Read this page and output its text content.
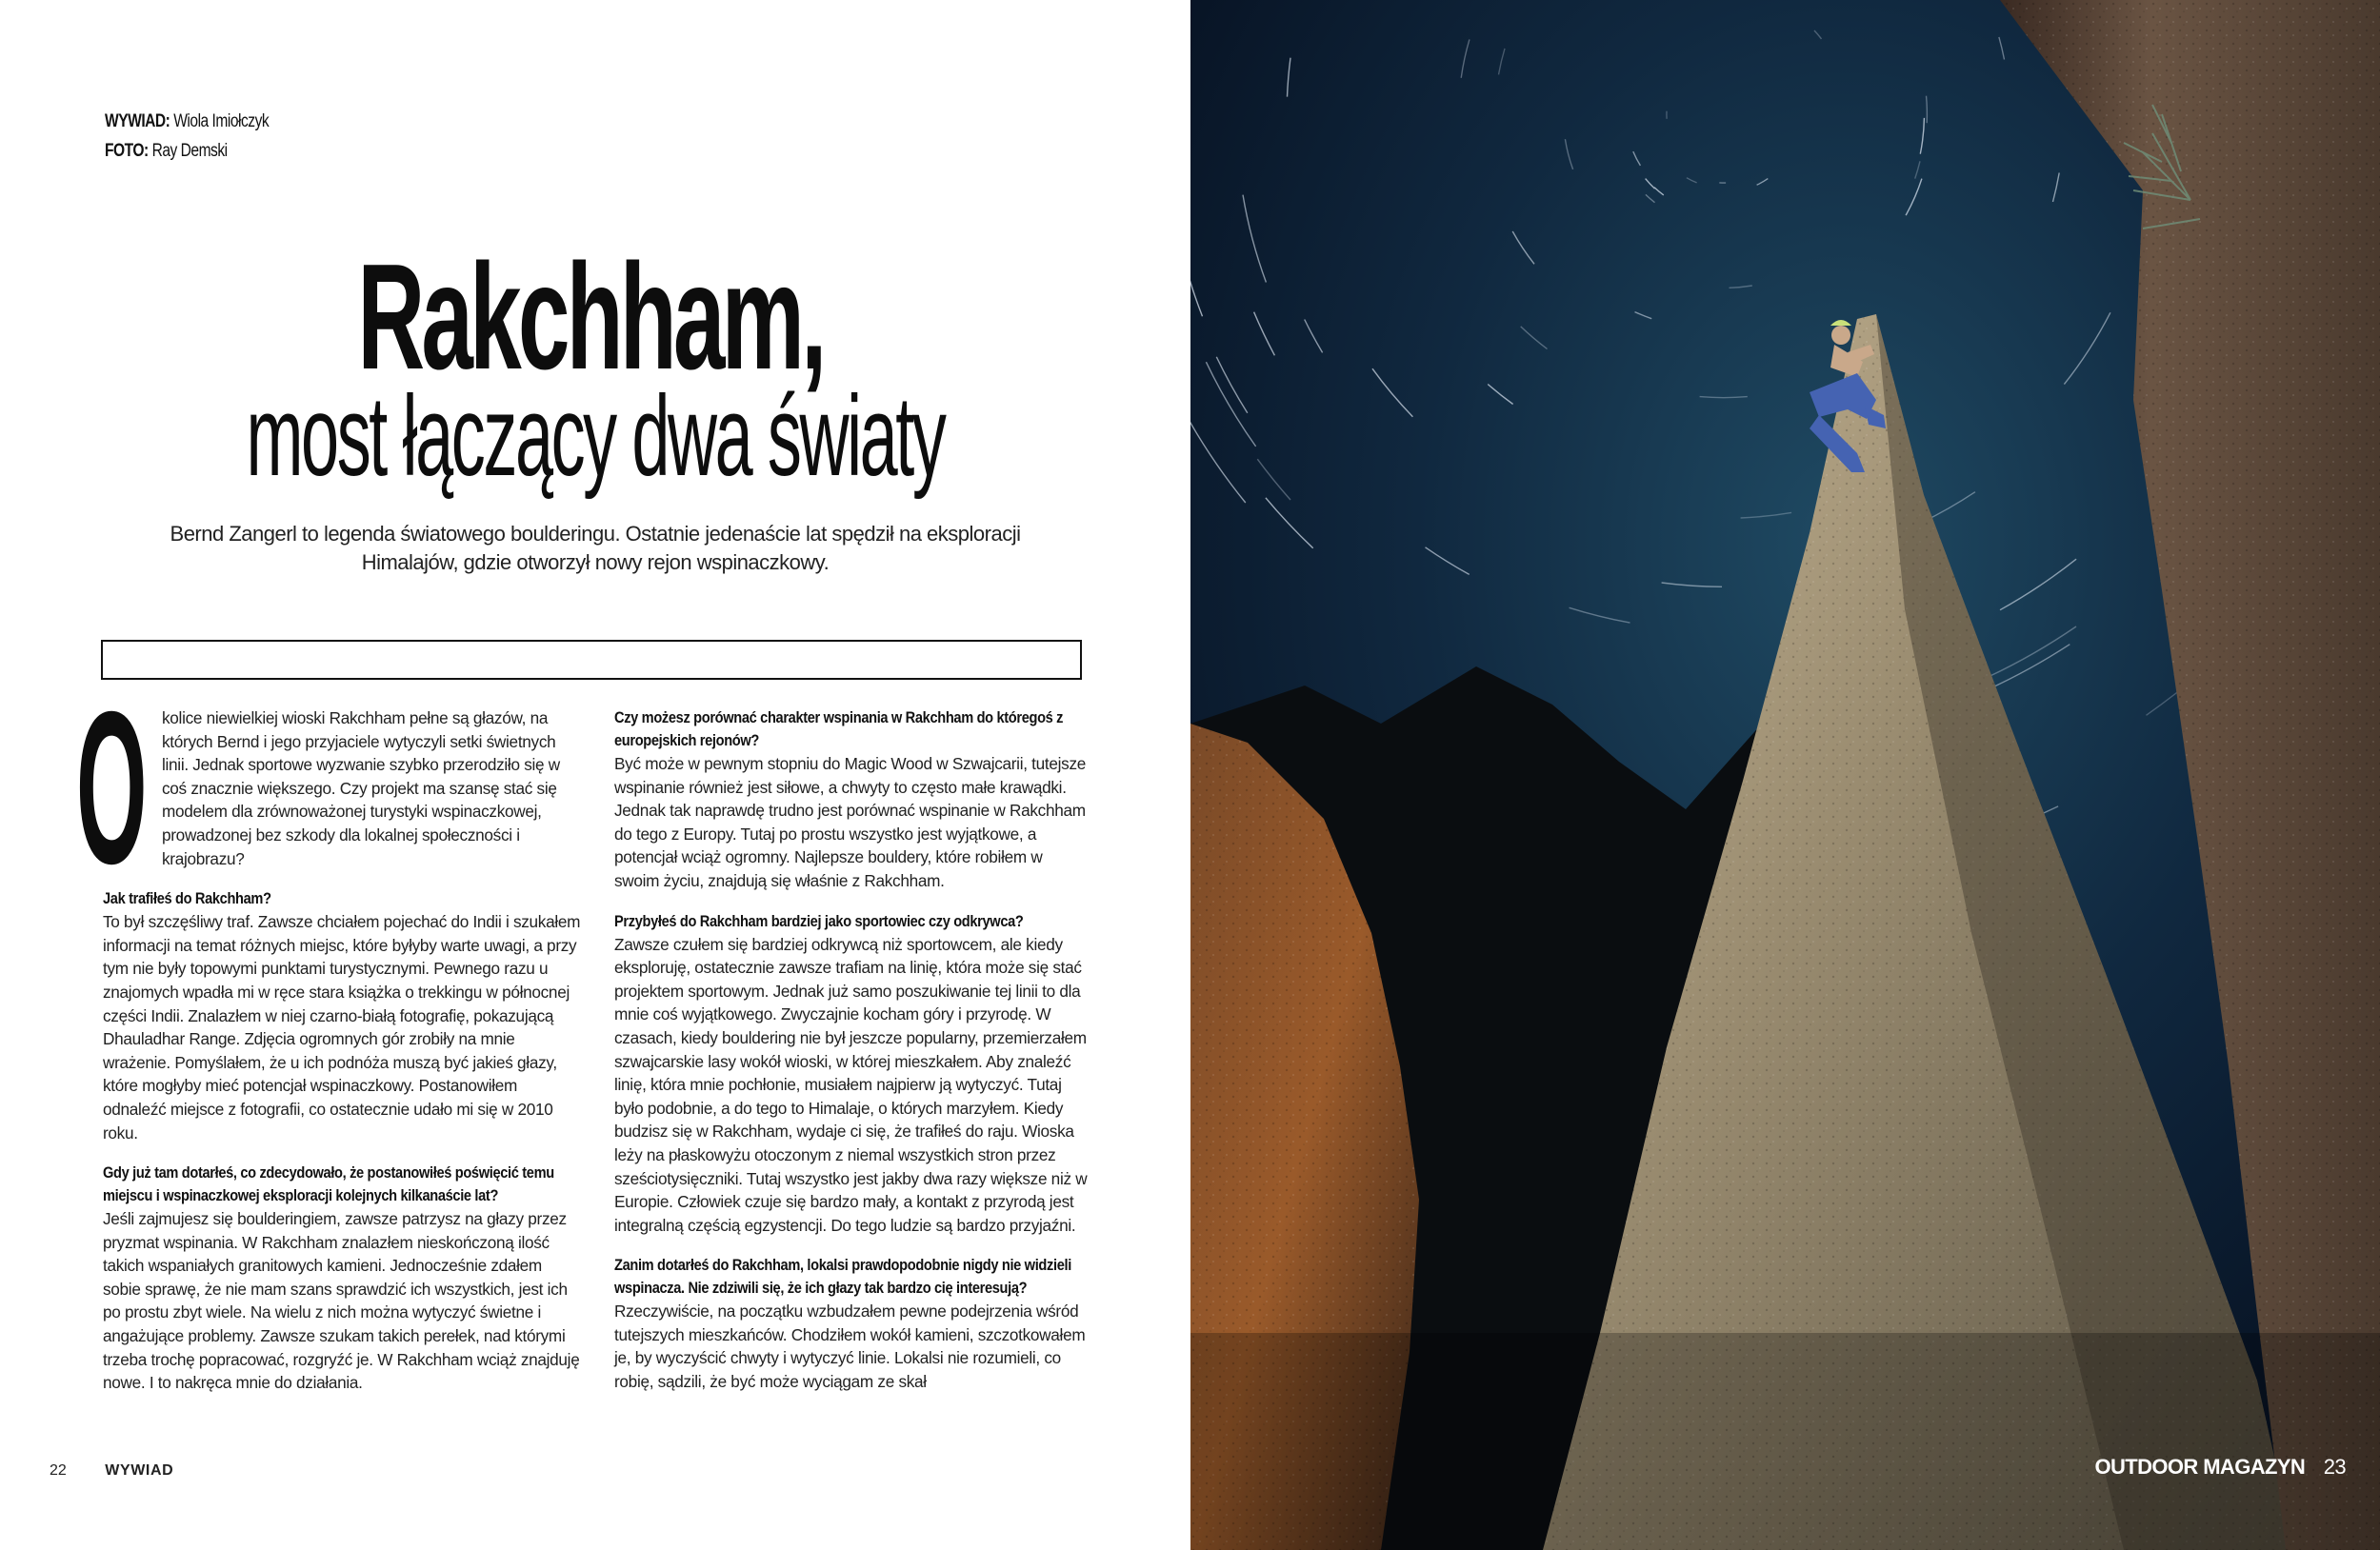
WYWIAD: Wiola Imiołczyk
FOTO: Ray Demski
Rakchham,
most łączący dwa światy
Bernd Zangerl to legenda światowego boulderingu. Ostatnie jedenaście lat spędził na eksploracji Himalajów, gdzie otworzył nowy rejon wspinaczkowy.
O kolice niewielkiej wioski Rakchham pełne są głazów, na których Bernd i jego przyjaciele wytyczyli setki świetnych linii. Jednak sportowe wyzwanie szybko przerodziło się w coś znacznie większego. Czy projekt ma szansę stać się modelem dla zrównoważonej turystyki wspinaczkowej, prowadzonej bez szkody dla lokalnej społeczności i krajobrazu?

Jak trafiłeś do Rakchham?

To był szczęśliwy traf. Zawsze chciałem pojechać do Indii i szukałem informacji na temat różnych miejsc, które byłyby warte uwagi, a przy tym nie były topowymi punktami turystycznymi. Pewnego razu u znajomych wpadła mi w ręce stara książka o trekkingu w północnej części Indii. Znalazłem w niej czarno-białą fotografię, pokazującą Dhauladhar Range. Zdjęcia ogromnych gór zrobiły na mnie wrażenie. Pomyślałem, że u ich podnóża muszą być jakieś głazy, które mogłyby mieć potencjał wspinaczkowy. Postanowiłem odnaleźć miejsce z fotografii, co ostatecznie udało mi się w 2010 roku.

Gdy już tam dotarłeś, co zdecydowało, że postanowiłeś poświęcić temu miejscu i wspinaczkowej eksploracji kolejnych kilkanaście lat?

Jeśli zajmujesz się boulderingiem, zawsze patrzysz na głazy przez pryzmat wspinania. W Rakchham znalazłem nieskończoną ilość takich wspaniałych granitowych kamieni. Jednocześnie zdałem sobie sprawę, że nie mam szans sprawdzić ich wszystkich, jest ich po prostu zbyt wiele. Na wielu z nich można wytyczyć świetne i angażujące problemy. Zawsze szukam takich perełek, nad którymi trzeba trochę popracować, rozgryźć je. W Rakchham wciąż znajduję nowe. I to nakręca mnie do działania.

Czy możesz porównać charakter wspinania w Rakchham do któregoś z europejskich rejonów?

Być może w pewnym stopniu do Magic Wood w Szwajcarii, tutejsze wspinanie również jest siłowe, a chwyty to często małe krawądki. Jednak tak naprawdę trudno jest porównać wspinanie w Rakchham do tego z Europy. Tutaj po prostu wszystko jest wyjątkowe, a potencjał wciąż ogromny. Najlepsze bouldery, które robiłem w swoim życiu, znajdują się właśnie z Rakchham.

Przybyłeś do Rakchham bardziej jako sportowiec czy odkrywca?

Zawsze czułem się bardziej odkrywcą niż sportowcem, ale kiedy eksploruję, ostatecznie zawsze trafiam na linię, która może się stać projektem sportowym. Jednak już samo poszukiwanie tej linii to dla mnie coś wyjątkowego. Zwyczajnie kocham góry i przyrodę. W czasach, kiedy bouldering nie był jeszcze popularny, przemierzałem szwajcarskie lasy wokół wioski, w której mieszkałem. Aby znaleźć linię, która mnie pochłonie, musiałem najpierw ją wytyczyć. Tutaj było podobnie, a do tego to Himalaje, o których marzyłem. Kiedy budzisz się w Rakchham, wydaje ci się, że trafiłeś do raju. Wioska leży na płaskowyżu otoczonym z niemal wszystkich stron przez sześciotysięczniki. Tutaj wszystko jest jakby dwa razy większe niż w Europie. Człowiek czuje się bardzo mały, a kontakt z przyrodą jest integralną częścią egzystencji. Do tego ludzie są bardzo przyjaźni.

Zanim dotarłeś do Rakchham, lokalsi prawdopodobnie nigdy nie widzieli wspinacza. Nie zdziwili się, że ich głazy tak bardzo cię interesują?

Rzeczywiście, na początku wzbudzałem pewne podejrzenia wśród tutejszych mieszkańców. Chodziłem wokół kamieni, szczotkowałem je, by wyczyścić chwyty i wytyczyć linie. Lokalsi nie rozumieli, co robię, sądzili, że być może wyciągam ze skał

22	WYWIAD	OUTDOOR MAGAZYN 23
